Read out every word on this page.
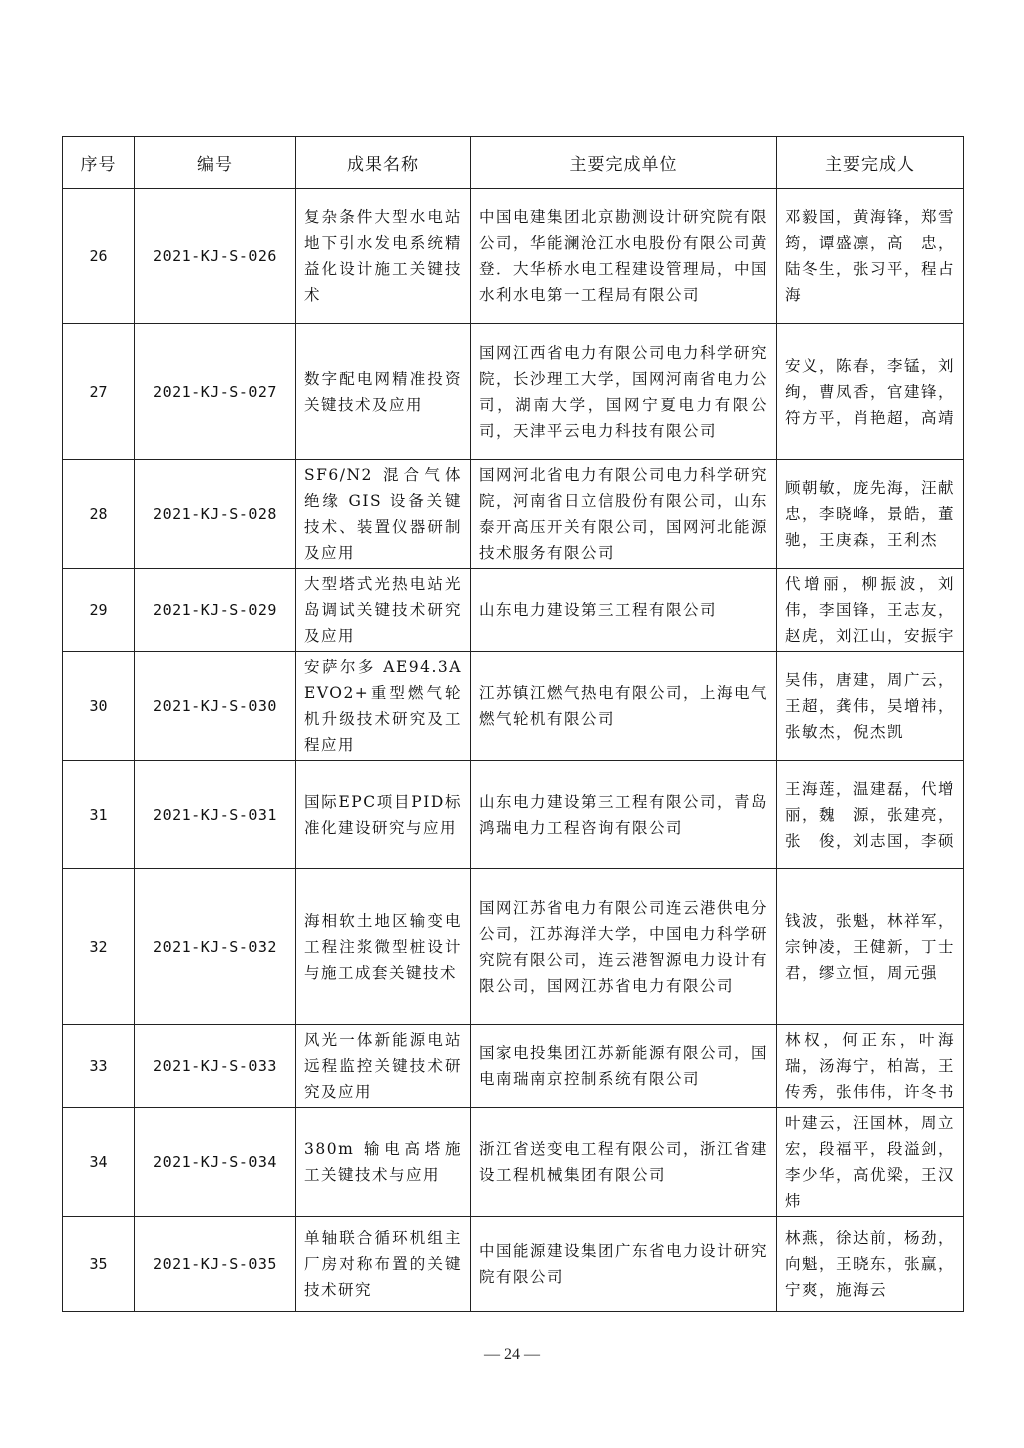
序号	编号	成果名称	主要完成单位	主要完成人
26	2021-KJ-S-026	复杂条件大型水电站地下引水发电系统精益化设计施工关键技术	中国电建集团北京勘测设计研究院有限公司，华能澜沧江水电股份有限公司黄登．大华桥水电工程建设管理局，中国水利水电第一工程局有限公司	邓毅国，黄海锋，郑雪筠，谭盛凛，高　忠，陆冬生，张习平，程占海
27	2021-KJ-S-027	数字配电网精准投资关键技术及应用	国网江西省电力有限公司电力科学研究院，长沙理工大学，国网河南省电力公司，湖南大学，国网宁夏电力有限公司，天津平云电力科技有限公司	安义，陈春，李锰，刘绚，曹凤香，官建锋，符方平，肖艳超，高靖
28	2021-KJ-S-028	SF6/N2 混合气体绝缘 GIS 设备关键技术、装置仪器研制及应用	国网河北省电力有限公司电力科学研究院，河南省日立信股份有限公司，山东泰开高压开关有限公司，国网河北能源技术服务有限公司	顾朝敏，庞先海，汪献忠，李晓峰，景皓，董驰，王庚森，王利杰
29	2021-KJ-S-029	大型塔式光热电站光岛调试关键技术研究及应用	山东电力建设第三工程有限公司	代增丽，柳振波，刘伟，李国锋，王志友，赵虎，刘江山，安振宇
30	2021-KJ-S-030	安萨尔多 AE94.3A EVO2+重型燃气轮机升级技术研究及工程应用	江苏镇江燃气热电有限公司，上海电气燃气轮机有限公司	吴伟，唐建，周广云，王超，龚伟，吴增祎，张敏杰，倪杰凯
31	2021-KJ-S-031	国际EPC项目PID标准化建设研究与应用	山东电力建设第三工程有限公司，青岛鸿瑞电力工程咨询有限公司	王海莲，温建磊，代增丽，魏　源，张建亮，张　俊，刘志国，李硕
32	2021-KJ-S-032	海相软土地区输变电工程注浆微型桩设计与施工成套关键技术	国网江苏省电力有限公司连云港供电分公司，江苏海洋大学，中国电力科学研究院有限公司，连云港智源电力设计有限公司，国网江苏省电力有限公司	钱波，张魁，林祥军，宗钟凌，王健新，丁士君，缪立恒，周元强
33	2021-KJ-S-033	风光一体新能源电站远程监控关键技术研究及应用	国家电投集团江苏新能源有限公司，国电南瑞南京控制系统有限公司	林权，何正东，叶海瑞，汤海宁，柏嵩，王传秀，张伟伟，许冬书
34	2021-KJ-S-034	380m 输电高塔施工关键技术与应用	浙江省送变电工程有限公司，浙江省建设工程机械集团有限公司	叶建云，汪国林，周立宏，段福平，段溢剑，李少华，高优梁，王汉炜
35	2021-KJ-S-035	单轴联合循环机组主厂房对称布置的关键技术研究	中国能源建设集团广东省电力设计研究院有限公司	林燕，徐达前，杨劲，向魁，王晓东，张赢，宁爽，施海云
— 24 —
